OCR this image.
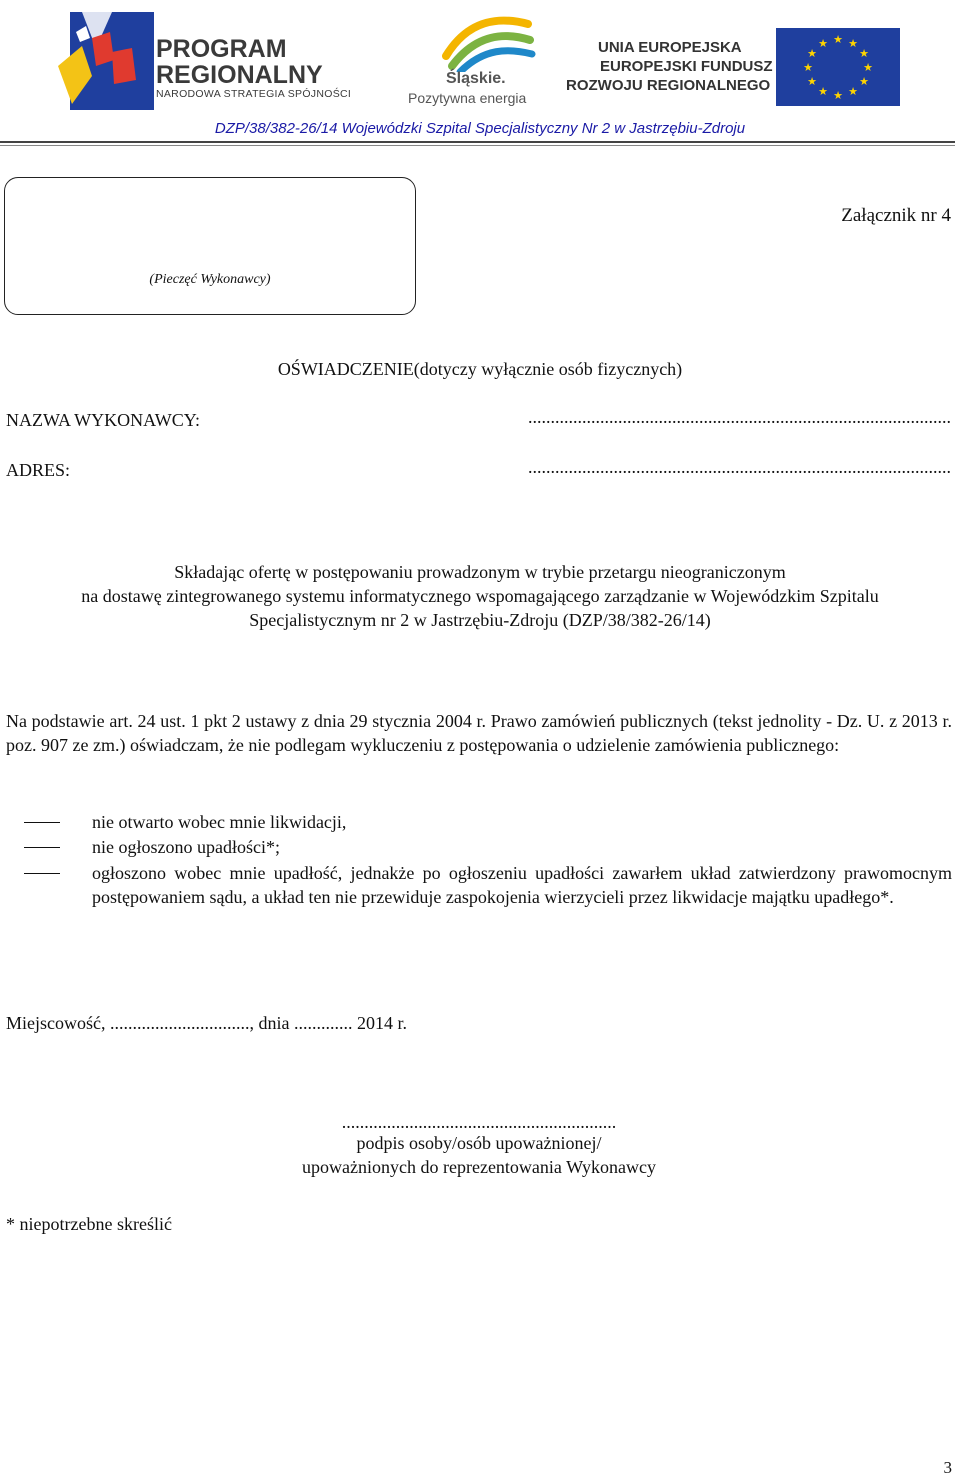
PROGRAM
REGIONALNY
NARODOWA STRATEGIA SPÓJNOŚCI
Śląskie.
Pozytywna energia
UNIA EUROPEJSKA
EUROPEJSKI FUNDUSZ
ROZWOJU REGIONALNEGO
★ ★
★
★
★
★
★
★
★
★
★
★
DZP/38/382-26/14 Wojewódzki Szpital Specjalistyczny Nr 2 w Jastrzębiu-Zdroju
(Pieczęć Wykonawcy)
Załącznik nr 4
OŚWIADCZENIE(dotyczy wyłącznie osób fizycznych)
NAZWA WYKONAWCY:	..............................................................................................
ADRES:	..............................................................................................
Składając ofertę w postępowaniu prowadzonym w trybie przetargu nieograniczonym
na dostawę zintegrowanego systemu informatycznego wspomagającego zarządzanie w Wojewódzkim Szpitalu
Specjalistycznym nr 2 w Jastrzębiu-Zdroju (DZP/38/382-26/14)
Na podstawie art. 24 ust. 1 pkt 2 ustawy z dnia 29 stycznia 2004 r. Prawo zamówień publicznych (tekst jednolity - Dz. U. z 2013 r. poz. 907 ze zm.) oświadczam, że nie podlegam wykluczeniu z postępowania o udzielenie zamówienia publicznego:
nie otwarto wobec mnie likwidacji,
nie ogłoszono upadłości*;
ogłoszono wobec mnie upadłość, jednakże po ogłoszeniu upadłości zawarłem układ zatwierdzony prawomocnym postępowaniem sądu, a układ ten nie przewiduje zaspokojenia wierzycieli przez likwidacje majątku upadłego*.
Miejscowość, ..............................., dnia ............. 2014 r.
.............................................................
podpis osoby/osób upoważnionej/
upoważnionych do reprezentowania Wykonawcy
* niepotrzebne skreślić
3
